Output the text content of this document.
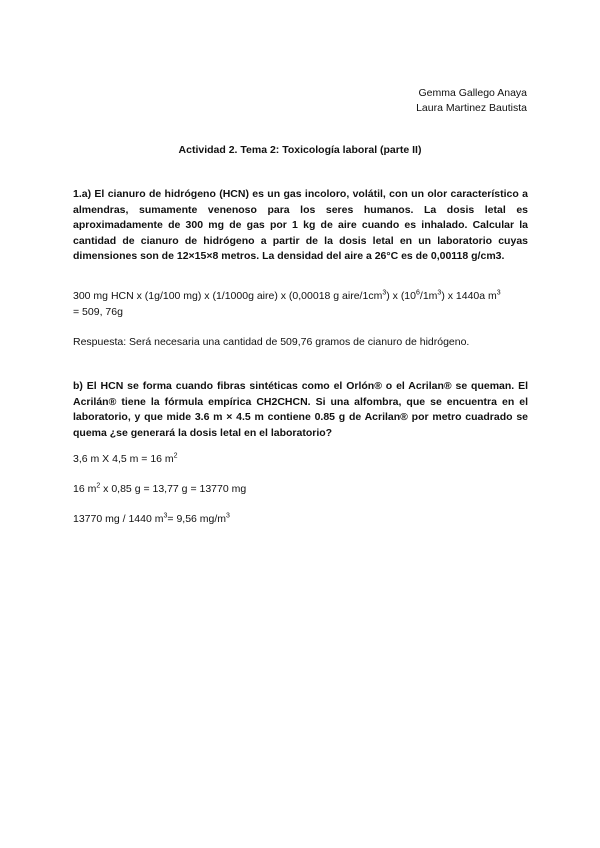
Gemma Gallego Anaya
Laura Martinez Bautista
Actividad 2. Tema 2: Toxicología laboral (parte II)
1.a) El cianuro de hidrógeno (HCN) es un gas incoloro, volátil, con un olor característico a almendras, sumamente venenoso para los seres humanos. La dosis letal es aproximadamente de 300 mg de gas por 1 kg de aire cuando es inhalado. Calcular la cantidad de cianuro de hidrógeno a partir de la dosis letal en un laboratorio cuyas dimensiones son de 12×15×8 metros. La densidad del aire a 26°C es de 0,00118 g/cm3.
300 mg HCN x (1g/100 mg) x (1/1000g aire) x (0,00018 g aire/$1cm^3$) x $(10^6/1m^3)$ x 1440a $m^3$
= 509, 76g
Respuesta: Será necesaria una cantidad de 509,76 gramos de cianuro de hidrógeno.
b) El HCN se forma cuando fibras sintéticas como el Orlón® o el Acrilan® se queman. El Acrilán® tiene la fórmula empírica CH2CHCN. Si una alfombra, que se encuentra en el laboratorio, y que mide 3.6 m × 4.5 m contiene 0.85 g de Acrilan® por metro cuadrado se quema ¿se generará la dosis letal en el laboratorio?
3,6 m X 4,5 m = 16 $m^2$
16 $m^2$ x 0,85 g = 13,77 g = 13770 mg
13770 mg / 1440 $m^3= 9,56$ $mg/m^3$
